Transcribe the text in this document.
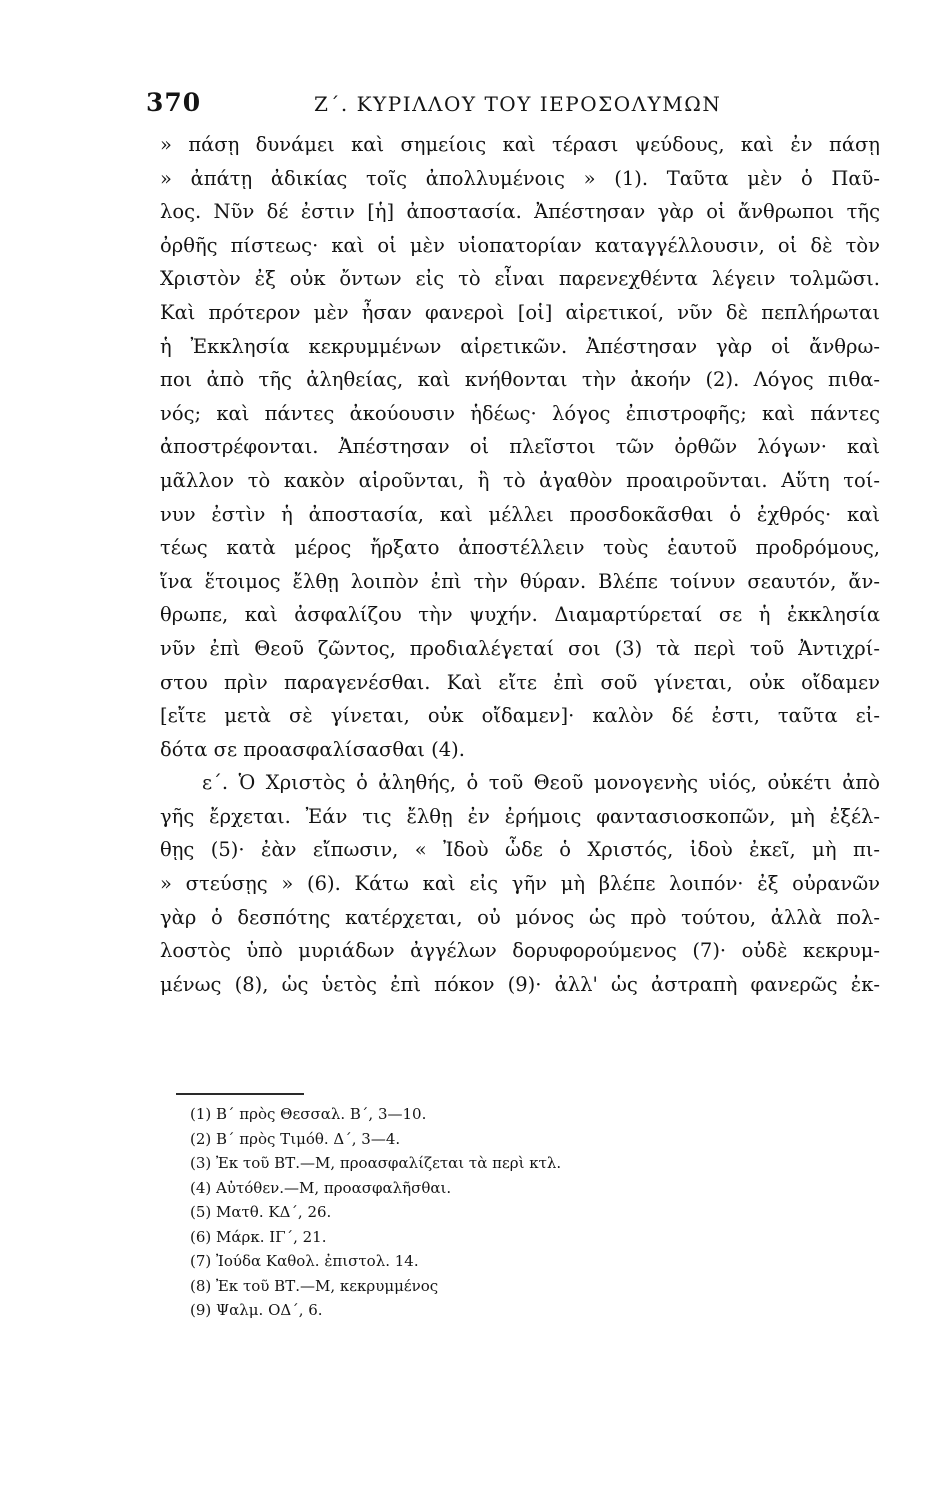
370	Ζ΄. ΚΥΡΙΛΛΟΥ ΤΟΥ ΙΕΡΟΣΟΛΥΜΩΝ
» πάσῃ δυνάμει καὶ σημείοις καὶ τέρασι ψεύδους, καὶ ἐν πάσῃ
» ἀπάτῃ ἀδικίας τοῖς ἀπολλυμένοις » (1). Ταῦτα μὲν ὁ Παῦ-
λος. Νῦν δέ ἐστιν [ἡ] ἀποστασία. Ἀπέστησαν γὰρ οἱ ἄνθρωποι τῆς
ὀρθῆς πίστεως· καὶ οἱ μὲν υἱοπατορίαν καταγγέλλουσιν, οἱ δὲ τὸν
Χριστὸν ἐξ οὐκ ὄντων εἰς τὸ εἶναι παρενεχθέντα λέγειν τολμῶσι.
Καὶ πρότερον μὲν ἦσαν φανεροὶ [οἱ] αἱρετικοί, νῦν δὲ πεπλήρωται
ἡ Ἐκκλησία κεκρυμμένων αἱρετικῶν. Ἀπέστησαν γὰρ οἱ ἄνθρω-
ποι ἀπὸ τῆς ἀληθείας, καὶ κνήθονται τὴν ἀκοήν (2). Λόγος πιθα-
νός; καὶ πάντες ἀκούουσιν ἡδέως· λόγος ἐπιστροφῆς; καὶ πάντες
ἀποστρέφονται. Ἀπέστησαν οἱ πλεῖστοι τῶν ὀρθῶν λόγων· καὶ
μᾶλλον τὸ κακὸν αἱροῦνται, ἢ τὸ ἀγαθὸν προαιροῦνται. Αὕτη τοί-
νυν ἐστὶν ἡ ἀποστασία, καὶ μέλλει προσδοκᾶσθαι ὁ ἐχθρός· καὶ
τέως κατὰ μέρος ἤρξατο ἀποστέλλειν τοὺς ἑαυτοῦ προδρόμους,
ἵνα ἕτοιμος ἔλθῃ λοιπὸν ἐπὶ τὴν θύραν. Βλέπε τοίνυν σεαυτόν, ἄν-
θρωπε, καὶ ἀσφαλίζου τὴν ψυχήν. Διαμαρτύρεταί σε ἡ ἐκκλησία
νῦν ἐπὶ Θεοῦ ζῶντος, προδιαλέγεταί σοι (3) τὰ περὶ τοῦ Ἀντιχρί-
στου πρὶν παραγενέσθαι. Καὶ εἴτε ἐπὶ σοῦ γίνεται, οὐκ οἴδαμεν
[εἴτε μετὰ σὲ γίνεται, οὐκ οἴδαμεν]· καλὸν δέ ἐστι, ταῦτα εἰ-
δότα σε προασφαλίσασθαι (4).
ε΄. Ὁ Χριστὸς ὁ ἀληθής, ὁ τοῦ Θεοῦ μονογενὴς υἱός, οὐκέτι ἀπὸ
γῆς ἔρχεται. Ἐάν τις ἔλθῃ ἐν ἐρήμοις φαντασιοσκοπῶν, μὴ ἐξέλ-
θῃς (5)· ἐὰν εἴπωσιν, « Ἰδοὺ ὧδε ὁ Χριστός, ἰδοὺ ἐκεῖ, μὴ πι-
» στεύσῃς » (6). Κάτω καὶ εἰς γῆν μὴ βλέπε λοιπόν· ἐξ οὐρανῶν
γὰρ ὁ δεσπότης κατέρχεται, οὐ μόνος ὡς πρὸ τούτου, ἀλλὰ πολ-
λοστὸς ὑπὸ μυριάδων ἀγγέλων δορυφορούμενος (7)· οὐδὲ κεκρυμ-
μένως (8), ὡς ὑετὸς ἐπὶ πόκον (9)· ἀλλ' ὡς ἀστραπὴ φανερῶς ἐκ-
(1) Β΄ πρὸς Θεσσαλ. Β΄, 3—10.
(2) Β΄ πρὸς Τιμόθ. Δ΄, 3—4.
(3) Ἐκ τοῦ ΒΤ.—Μ, προασφαλίζεται τὰ περὶ κτλ.
(4) Αὐτόθεν.—Μ, προασφαλῆσθαι.
(5) Ματθ. ΚΔ΄, 26.
(6) Μάρκ. ΙΓ΄, 21.
(7) Ἰούδα Καθολ. ἐπιστολ. 14.
(8) Ἐκ τοῦ ΒΤ.—Μ, κεκρυμμένος
(9) Ψαλμ. ΟΔ΄, 6.
